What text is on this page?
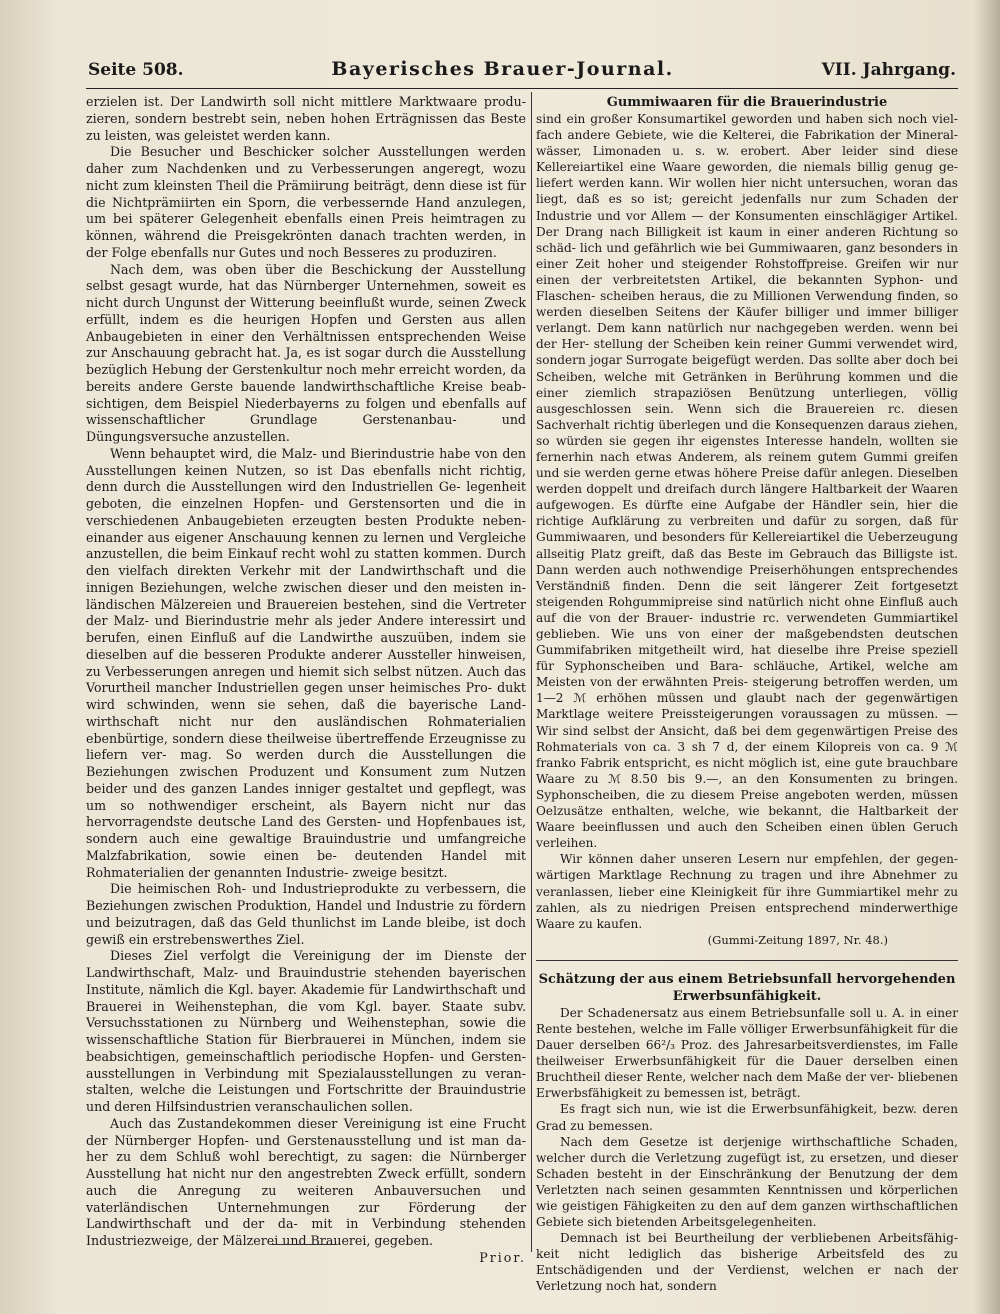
Seite 508.	Bayerisches Brauer-Journal.	VII. Jahrgang.

erzielen ist. Der Landwirth soll nicht mittlere Marktwaare produ- zieren, sondern bestrebt sein, neben hohen Erträgnissen das Beste zu leisten, was geleistet werden kann.

Die Besucher und Beschicker solcher Ausstellungen werden daher zum Nachdenken und zu Verbesserungen angeregt, wozu nicht zum kleinsten Theil die Prämiirung beiträgt, denn diese ist für die Nichtprämiirten ein Sporn, die verbessernde Hand anzulegen, um bei späterer Gelegenheit ebenfalls einen Preis heimtragen zu können, während die Preisgekrönten danach trachten werden, in der Folge ebenfalls nur Gutes und noch Besseres zu produziren.

Nach dem, was oben über die Beschickung der Ausstellung selbst gesagt wurde, hat das Nürnberger Unternehmen, soweit es nicht durch Ungunst der Witterung beeinflußt wurde, seinen Zweck erfüllt, indem es die heurigen Hopfen und Gersten aus allen Anbaugebieten in einer den Verhältnissen entsprechenden Weise zur Anschauung gebracht hat. Ja, es ist sogar durch die Ausstellung bezüglich Hebung der Gerstenkultur noch mehr erreicht worden, da bereits andere Gerste bauende landwirthschaftliche Kreise beab- sichtigen, dem Beispiel Niederbayerns zu folgen und ebenfalls auf wissenschaftlicher Grundlage Gerstenanbau- und Düngungsversuche anzustellen.

Wenn behauptet wird, die Malz- und Bierindustrie habe von den Ausstellungen keinen Nutzen, so ist Das ebenfalls nicht richtig, denn durch die Ausstellungen wird den Industriellen Ge- legenheit geboten, die einzelnen Hopfen- und Gerstensorten und die in verschiedenen Anbaugebieten erzeugten besten Produkte neben- einander aus eigener Anschauung kennen zu lernen und Vergleiche anzustellen, die beim Einkauf recht wohl zu statten kommen. Durch den vielfach direkten Verkehr mit der Landwirthschaft und die innigen Beziehungen, welche zwischen dieser und den meisten in- ländischen Mälzereien und Brauereien bestehen, sind die Vertreter der Malz- und Bierindustrie mehr als jeder Andere interessirt und berufen, einen Einfluß auf die Landwirthe auszuüben, indem sie dieselben auf die besseren Produkte anderer Aussteller hinweisen, zu Verbesserungen anregen und hiemit sich selbst nützen. Auch das Vorurtheil mancher Industriellen gegen unser heimisches Pro- dukt wird schwinden, wenn sie sehen, daß die bayerische Land- wirthschaft nicht nur den ausländischen Rohmaterialien ebenbürtige, sondern diese theilweise übertreffende Erzeugnisse zu liefern ver- mag. So werden durch die Ausstellungen die Beziehungen zwischen Produzent und Konsument zum Nutzen beider und des ganzen Landes inniger gestaltet und gepflegt, was um so nothwendiger erscheint, als Bayern nicht nur das hervorragendste deutsche Land des Gersten- und Hopfenbaues ist, sondern auch eine gewaltige Brauindustrie und umfangreiche Malzfabrikation, sowie einen be- deutenden Handel mit Rohmaterialien der genannten Industrie- zweige besitzt.

Die heimischen Roh- und Industrieprodukte zu verbessern, die Beziehungen zwischen Produktion, Handel und Industrie zu fördern und beizutragen, daß das Geld thunlichst im Lande bleibe, ist doch gewiß ein erstrebenswerthes Ziel.

Dieses Ziel verfolgt die Vereinigung der im Dienste der Landwirthschaft, Malz- und Brauindustrie stehenden bayerischen Institute, nämlich die Kgl. bayer. Akademie für Landwirthschaft und Brauerei in Weihenstephan, die vom Kgl. bayer. Staate subv. Versuchsstationen zu Nürnberg und Weihenstephan, sowie die wissenschaftliche Station für Bierbrauerei in München, indem sie beabsichtigen, gemeinschaftlich periodische Hopfen- und Gersten- ausstellungen in Verbindung mit Spezialausstellungen zu veran- stalten, welche die Leistungen und Fortschritte der Brauindustrie und deren Hilfsindustrien veranschaulichen sollen.

Auch das Zustandekommen dieser Vereinigung ist eine Frucht der Nürnberger Hopfen- und Gerstenausstellung und ist man da- her zu dem Schluß wohl berechtigt, zu sagen: die Nürnberger Ausstellung hat nicht nur den angestrebten Zweck erfüllt, sondern auch die Anregung zu weiteren Anbauversuchen und vaterländischen Unternehmungen zur Förderung der Landwirthschaft und der da- mit in Verbindung stehenden Industriezweige, der Mälzerei und Brauerei, gegeben.

Prior.

Gummiwaaren für die Brauerindustrie

sind ein großer Konsumartikel geworden und haben sich noch viel- fach andere Gebiete, wie die Kelterei, die Fabrikation der Mineral- wässer, Limonaden u. s. w. erobert. Aber leider sind diese Kellereiartikel eine Waare geworden, die niemals billig genug ge- liefert werden kann. Wir wollen hier nicht untersuchen, woran das liegt, daß es so ist; gereicht jedenfalls nur zum Schaden der Industrie und vor Allem — der Konsumenten einschlägiger Artikel. Der Drang nach Billigkeit ist kaum in einer anderen Richtung so schäd- lich und gefährlich wie bei Gummiwaaren, ganz besonders in einer Zeit hoher und steigender Rohstoffpreise. Greifen wir nur einen der verbreitetsten Artikel, die bekannten Syphon- und Flaschen- scheiben heraus, die zu Millionen Verwendung finden, so werden dieselben Seitens der Käufer billiger und immer billiger verlangt. Dem kann natürlich nur nachgegeben werden. wenn bei der Her- stellung der Scheiben kein reiner Gummi verwendet wird, sondern jogar Surrogate beigefügt werden. Das sollte aber doch bei Scheiben, welche mit Getränken in Berührung kommen und die einer ziemlich strapaziösen Benützung unterliegen, völlig ausgeschlossen sein. Wenn sich die Brauereien rc. diesen Sachverhalt richtig überlegen und die Konsequenzen daraus ziehen, so würden sie gegen ihr eigenstes Interesse handeln, wollten sie fernerhin nach etwas Anderem, als reinem gutem Gummi greifen und sie werden gerne etwas höhere Preise dafür anlegen. Dieselben werden doppelt und dreifach durch längere Haltbarkeit der Waaren aufgewogen. Es dürfte eine Aufgabe der Händler sein, hier die richtige Aufklärung zu verbreiten und dafür zu sorgen, daß für Gummiwaaren, und besonders für Kellereiartikel die Ueberzeugung allseitig Platz greift, daß das Beste im Gebrauch das Billigste ist. Dann werden auch nothwendige Preiserhöhungen entsprechendes Verständniß finden. Denn die seit längerer Zeit fortgesetzt steigenden Rohgummipreise sind natürlich nicht ohne Einfluß auch auf die von der Brauer- industrie rc. verwendeten Gummiartikel geblieben. Wie uns von einer der maßgebendsten deutschen Gummifabriken mitgetheilt wird, hat dieselbe ihre Preise speziell für Syphonscheiben und Bara- schläuche, Artikel, welche am Meisten von der erwähnten Preis- steigerung betroffen werden, um 1—2 ℳ erhöhen müssen und glaubt nach der gegenwärtigen Marktlage weitere Preissteigerungen voraussagen zu müssen. — Wir sind selbst der Ansicht, daß bei dem gegenwärtigen Preise des Rohmaterials von ca. 3 sh 7 d, der einem Kilopreis von ca. 9 ℳ franko Fabrik entspricht, es nicht möglich ist, eine gute brauchbare Waare zu ℳ 8.50 bis 9.—, an den Konsumenten zu bringen. Syphonscheiben, die zu diesem Preise angeboten werden, müssen Oelzusätze enthalten, welche, wie bekannt, die Haltbarkeit der Waare beeinflussen und auch den Scheiben einen üblen Geruch verleihen.

Wir können daher unseren Lesern nur empfehlen, der gegen- wärtigen Marktlage Rechnung zu tragen und ihre Abnehmer zu veranlassen, lieber eine Kleinigkeit für ihre Gummiartikel mehr zu zahlen, als zu niedrigen Preisen entsprechend minderwerthige Waare zu kaufen.

(Gummi-Zeitung 1897, Nr. 48.)

Schätzung der aus einem Betriebsunfall hervorgehenden
Erwerbsunfähigkeit.

Der Schadenersatz aus einem Betriebsunfalle soll u. A. in einer Rente bestehen, welche im Falle völliger Erwerbsunfähigkeit für die Dauer derselben 66²/₃ Proz. des Jahresarbeitsverdienstes, im Falle theilweiser Erwerbsunfähigkeit für die Dauer derselben einen Bruchtheil dieser Rente, welcher nach dem Maße der ver- bliebenen Erwerbsfähigkeit zu bemessen ist, beträgt.

Es fragt sich nun, wie ist die Erwerbsunfähigkeit, bezw. deren Grad zu bemessen.

Nach dem Gesetze ist derjenige wirthschaftliche Schaden, welcher durch die Verletzung zugefügt ist, zu ersetzen, und dieser Schaden besteht in der Einschränkung der Benutzung der dem Verletzten nach seinen gesammten Kenntnissen und körperlichen wie geistigen Fähigkeiten zu den auf dem ganzen wirthschaftlichen Gebiete sich bietenden Arbeitsgelegenheiten.

Demnach ist bei Beurtheilung der verbliebenen Arbeitsfähig- keit nicht lediglich das bisherige Arbeitsfeld des zu Entschädigenden und der Verdienst, welchen er nach der Verletzung noch hat, sondern
